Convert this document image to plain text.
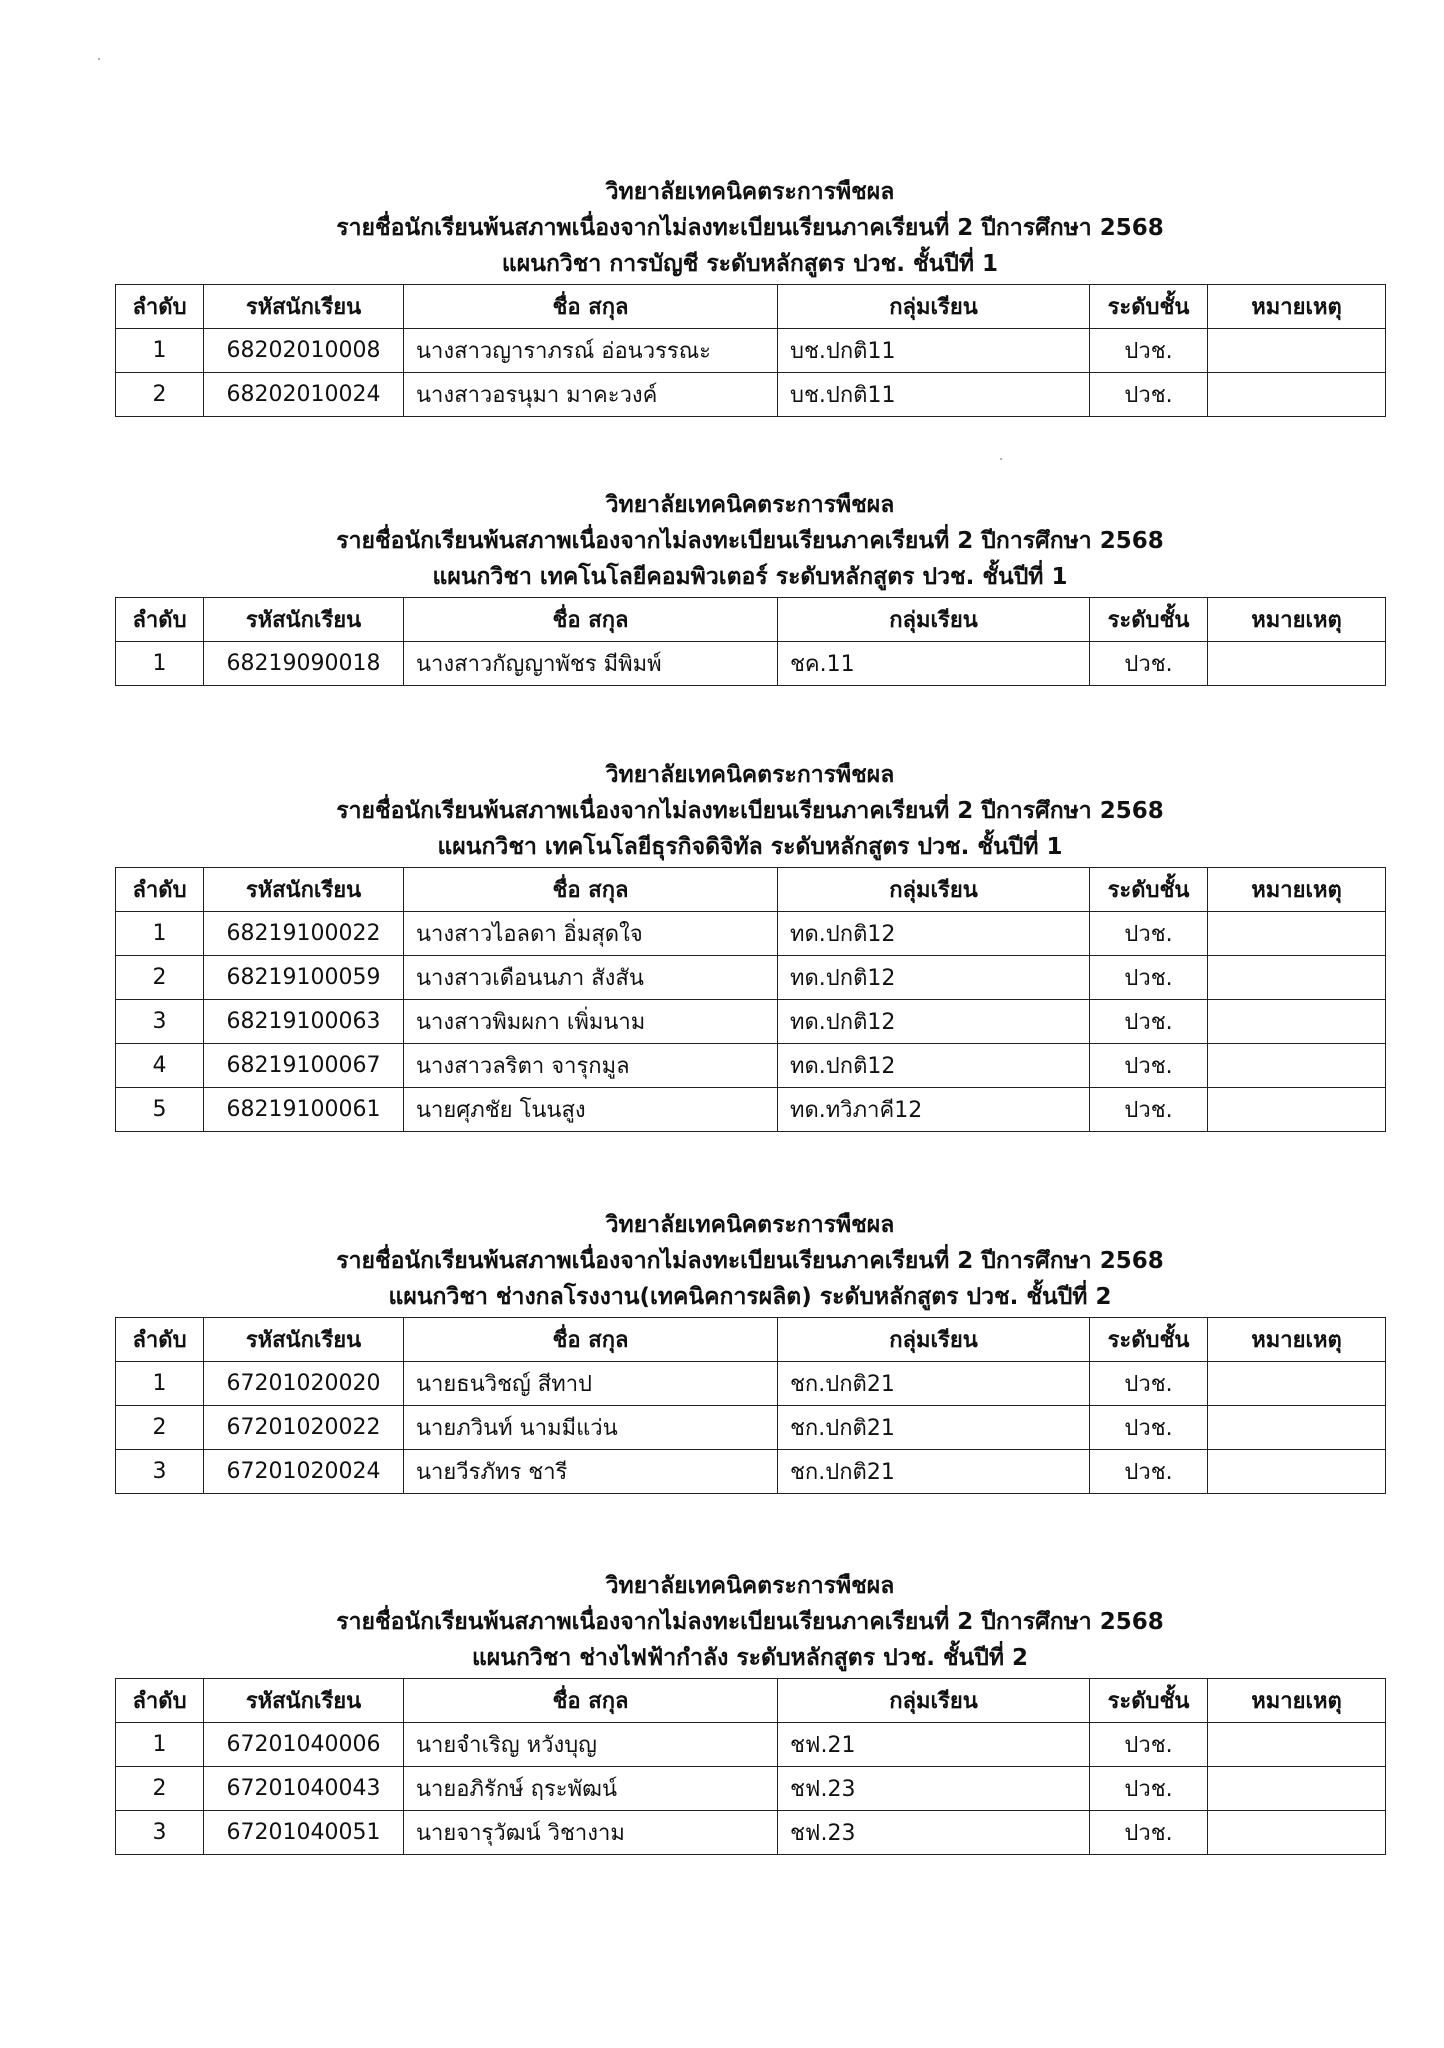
วิทยาลัยเทคนิคตระการพืชผล
รายชื่อนักเรียนพ้นสภาพเนื่องจากไม่ลงทะเบียนเรียนภาคเรียนที่ 2 ปีการศึกษา 2568
แผนกวิชา การบัญชี ระดับหลักสูตร ปวช. ชั้นปีที่ 1
ลำดับ	รหัสนักเรียน	ชื่อ สกุล	กลุ่มเรียน	ระดับชั้น	หมายเหตุ
1	68202010008	นางสาวญาราภรณ์ อ่อนวรรณะ	บช.ปกติ11	ปวช.	
2	68202010024	นางสาวอรนุมา มาคะวงค์	บช.ปกติ11	ปวช.	
วิทยาลัยเทคนิคตระการพืชผล
รายชื่อนักเรียนพ้นสภาพเนื่องจากไม่ลงทะเบียนเรียนภาคเรียนที่ 2 ปีการศึกษา 2568
แผนกวิชา เทคโนโลยีคอมพิวเตอร์ ระดับหลักสูตร ปวช. ชั้นปีที่ 1
ลำดับ	รหัสนักเรียน	ชื่อ สกุล	กลุ่มเรียน	ระดับชั้น	หมายเหตุ
1	68219090018	นางสาวกัญญาพัชร มีพิมพ์	ชค.11	ปวช.	
วิทยาลัยเทคนิคตระการพืชผล
รายชื่อนักเรียนพ้นสภาพเนื่องจากไม่ลงทะเบียนเรียนภาคเรียนที่ 2 ปีการศึกษา 2568
แผนกวิชา เทคโนโลยีธุรกิจดิจิทัล ระดับหลักสูตร ปวช. ชั้นปีที่ 1
ลำดับ	รหัสนักเรียน	ชื่อ สกุล	กลุ่มเรียน	ระดับชั้น	หมายเหตุ
1	68219100022	นางสาวไอลดา อิ่มสุดใจ	ทด.ปกติ12	ปวช.	
2	68219100059	นางสาวเดือนนภา สังสัน	ทด.ปกติ12	ปวช.	
3	68219100063	นางสาวพิมผกา เพิ่มนาม	ทด.ปกติ12	ปวช.	
4	68219100067	นางสาวลริตา จารุกมูล	ทด.ปกติ12	ปวช.	
5	68219100061	นายศุภชัย โนนสูง	ทด.ทวิภาคี12	ปวช.	
วิทยาลัยเทคนิคตระการพืชผล
รายชื่อนักเรียนพ้นสภาพเนื่องจากไม่ลงทะเบียนเรียนภาคเรียนที่ 2 ปีการศึกษา 2568
แผนกวิชา ช่างกลโรงงาน(เทคนิคการผลิต) ระดับหลักสูตร ปวช. ชั้นปีที่ 2
ลำดับ	รหัสนักเรียน	ชื่อ สกุล	กลุ่มเรียน	ระดับชั้น	หมายเหตุ
1	67201020020	นายธนวิชญ์ สีทาป	ชก.ปกติ21	ปวช.	
2	67201020022	นายภวินท์ นามมีแว่น	ชก.ปกติ21	ปวช.	
3	67201020024	นายวีรภัทร ชารี	ชก.ปกติ21	ปวช.	
วิทยาลัยเทคนิคตระการพืชผล
รายชื่อนักเรียนพ้นสภาพเนื่องจากไม่ลงทะเบียนเรียนภาคเรียนที่ 2 ปีการศึกษา 2568
แผนกวิชา ช่างไฟฟ้ากำลัง ระดับหลักสูตร ปวช. ชั้นปีที่ 2
ลำดับ	รหัสนักเรียน	ชื่อ สกุล	กลุ่มเรียน	ระดับชั้น	หมายเหตุ
1	67201040006	นายจำเริญ หวังบุญ	ชฟ.21	ปวช.	
2	67201040043	นายอภิรักษ์ ฤระพัฒน์	ชฟ.23	ปวช.	
3	67201040051	นายจารุวัฒน์ วิชางาม	ชฟ.23	ปวช.	
